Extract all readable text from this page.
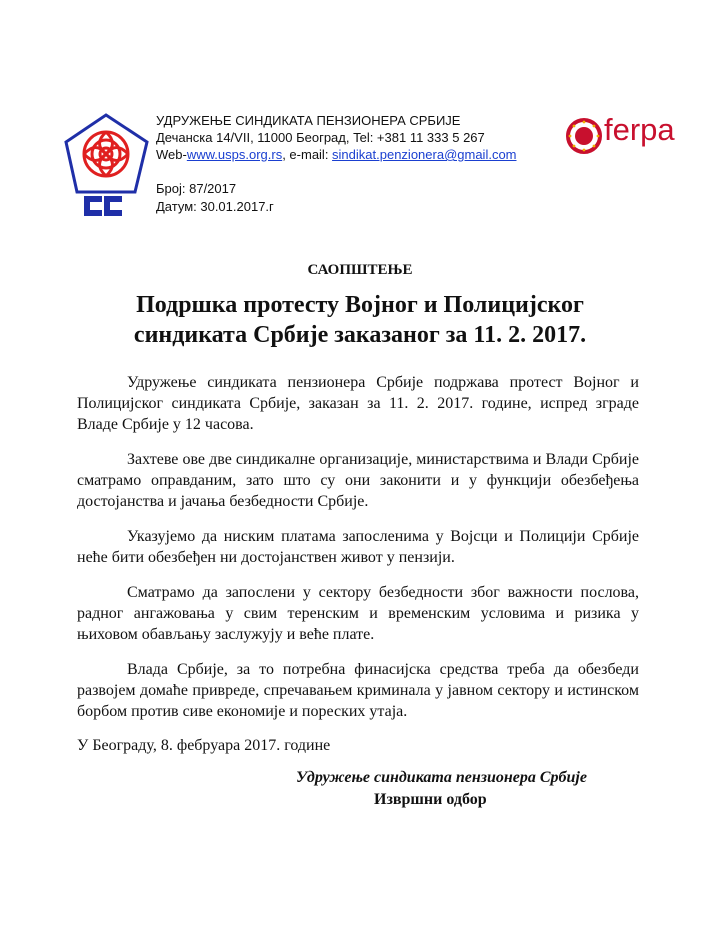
УДРУЖЕЊЕ СИНДИКАТА ПЕНЗИОНЕРА СРБИЈЕ
Дечанска 14/VII, 11000 Београд, Tel: +381 11 333 5 267
Web-www.usps.org.rs, e-mail: sindikat.penzionera@gmail.com
Број: 87/2017
Датум: 30.01.2017.г
ferpa
САОПШТЕЊЕ
Подршка протесту Војног и Полицијског
синдиката Србије заказаног за 11. 2. 2017.

Удружење синдиката пензионера Србије подржава протест Војног и Полицијског синдиката Србије, заказан за 11. 2. 2017. године, испред зграде Владе Србије у 12 часова.

Захтеве ове две синдикалне организације, министарствима и Влади Србије сматрамо оправданим, зато што су они законити и у функцији обезбеђења достојанства и јачања безбедности Србије.

Указујемо да ниским платама запосленима у Војсци и Полицији Србије неће бити обезбеђен ни достојанствен живот у пензији.

Сматрамо да запослени у сектору безбедности због важности послова, радног ангажовања у свим теренским и временским условима и ризика у њиховом обављању заслужују и веће плате.

Влада Србије, за то потребна финасијска средства треба да обезбеди развојем домаће привреде, спречавањем криминала у јавном сектору и истинском борбом против сиве економије и пореских утаја.

У Београду, 8. фебруара 2017. године
Удружење синдиката пензионера Србије
Извршни одбор
